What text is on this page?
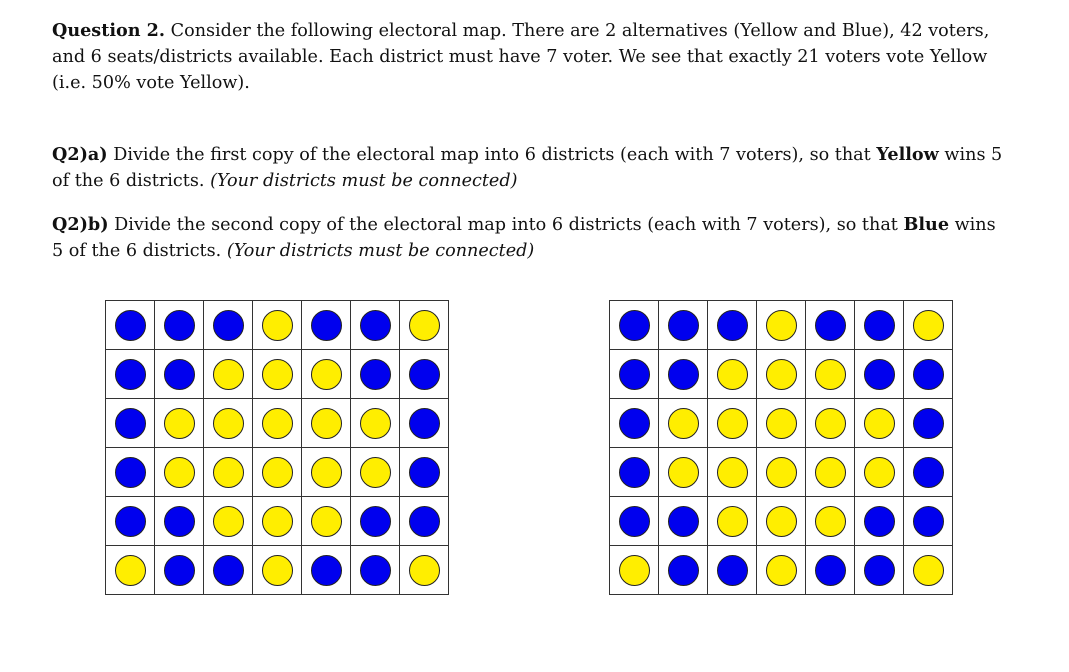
Question 2. Consider the following electoral map. There are 2 alternatives (Yellow and Blue), 42 voters, and 6 seats/districts available. Each district must have 7 voter. We see that exactly 21 voters vote Yellow (i.e. 50% vote Yellow).

Q2)a) Divide the first copy of the electoral map into 6 districts (each with 7 voters), so that Yellow wins 5 of the 6 districts. (Your districts must be connected)

Q2)b) Divide the second copy of the electoral map into 6 districts (each with 7 voters), so that Blue wins 5 of the 6 districts. (Your districts must be connected)
